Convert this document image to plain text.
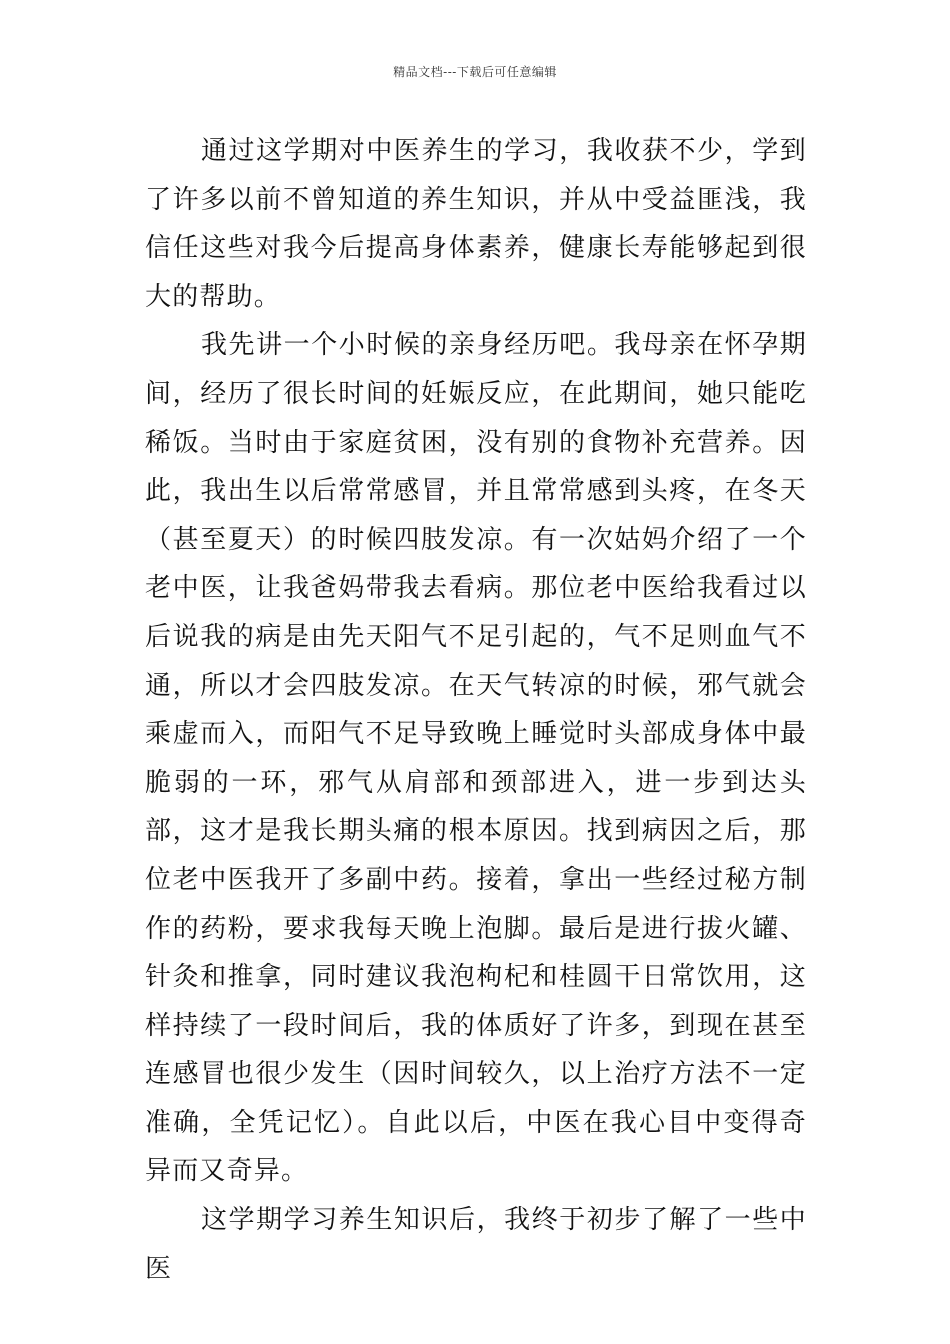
精品文档---下载后可任意编辑

通过这学期对中医养生的学习，我收获不少，学到了许多以前不曾知道的养生知识，并从中受益匪浅，我信任这些对我今后提高身体素养，健康长寿能够起到很大的帮助。

我先讲一个小时候的亲身经历吧。我母亲在怀孕期间，经历了很长时间的妊娠反应，在此期间，她只能吃稀饭。当时由于家庭贫困，没有别的食物补充营养。因此，我出生以后常常感冒，并且常常感到头疼，在冬天（甚至夏天）的时候四肢发凉。有一次姑妈介绍了一个老中医，让我爸妈带我去看病。那位老中医给我看过以后说我的病是由先天阳气不足引起的，气不足则血气不通，所以才会四肢发凉。在天气转凉的时候，邪气就会乘虚而入，而阳气不足导致晚上睡觉时头部成身体中最脆弱的一环，邪气从肩部和颈部进入，进一步到达头部，这才是我长期头痛的根本原因。找到病因之后，那位老中医我开了多副中药。接着，拿出一些经过秘方制作的药粉，要求我每天晚上泡脚。最后是进行拔火罐、针灸和推拿，同时建议我泡枸杞和桂圆干日常饮用，这样持续了一段时间后，我的体质好了许多，到现在甚至连感冒也很少发生（因时间较久，以上治疗方法不一定准确，全凭记忆）。自此以后，中医在我心目中变得奇异而又奇异。

这学期学习养生知识后，我终于初步了解了一些中医
